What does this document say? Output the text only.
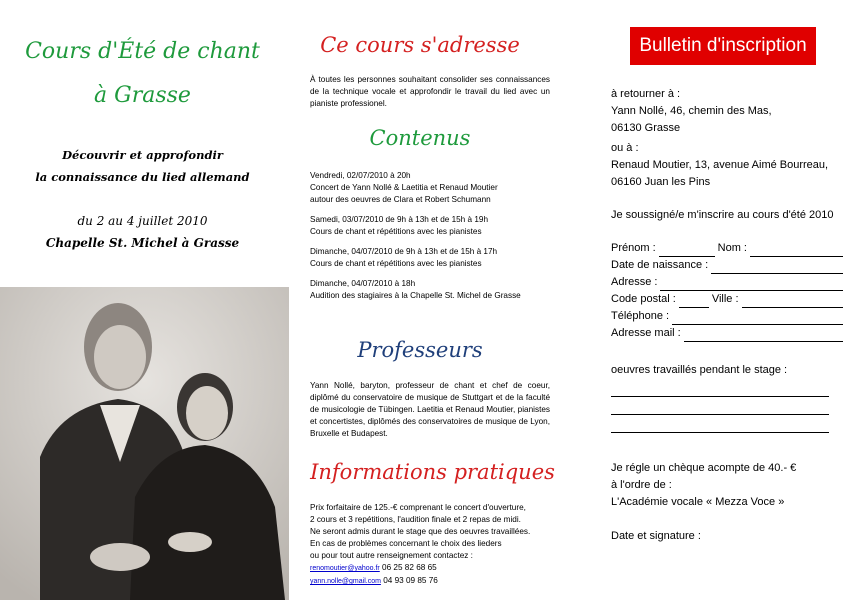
Cours d'Été de chant
à Grasse
Découvrir et approfondir
la connaissance du lied allemand
du 2 au 4 juillet 2010
Chapelle St. Michel à Grasse
Ce cours s'adresse
À toutes les personnes souhaitant consolider ses connaissances de la technique vocale et approfondir le travail du lied avec un pianiste professionel.
Contenus
Vendredi, 02/07/2010 à 20h
Concert de Yann Nollé & Laetitia et Renaud Moutier
autour des oeuvres de Clara et Robert Schumann
Samedi, 03/07/2010 de 9h à 13h et de 15h à 19h
Cours de chant et répétitions avec les pianistes
Dimanche, 04/07/2010 de 9h à 13h et de 15h à 17h
Cours de chant et répétitions avec les pianistes
Dimanche, 04/07/2010 à 18h
Audition des stagiaires à la Chapelle St. Michel de Grasse
Professeurs
Yann Nollé, baryton, professeur de chant et chef de coeur, diplômé du conservatoire de musique de Stuttgart et de la faculté de musicologie de Tübingen. Laetitia et Renaud Moutier, pianistes et concertistes, diplômés des conservatoires de musique de Lyon, Bruxelle et Budapest.
Informations pratiques
Prix forfaitaire de 125.-€ comprenant le concert d'ouverture,
2 cours et 3 repétitions, l'audition finale et 2 repas de midi.
Ne seront admis durant le stage que des oeuvres travaillées.
En cas de problèmes concernant le choix des lieders
ou pour tout autre renseignement contactez :
renomoutier@yahoo.fr 06 25 82 68 65
yann.nolle@gmail.com 04 93 09 85 76
Bulletin d'inscription
à retourner à :
Yann Nollé, 46, chemin des Mas,
06130 Grasse
ou à :
Renaud Moutier, 13, avenue Aimé Bourreau,
06160 Juan les Pins
Je soussigné/e m'inscrire au cours d'été 2010
Prénom :	Nom :
Date de naissance :
Adresse :
Code postal :	Ville :
Téléphone :
Adresse mail :
oeuvres travaillés pendant le stage :
Je régle un chèque acompte de 40.- €
à l'ordre de :
L'Académie vocale « Mezza Voce »
Date et signature :
